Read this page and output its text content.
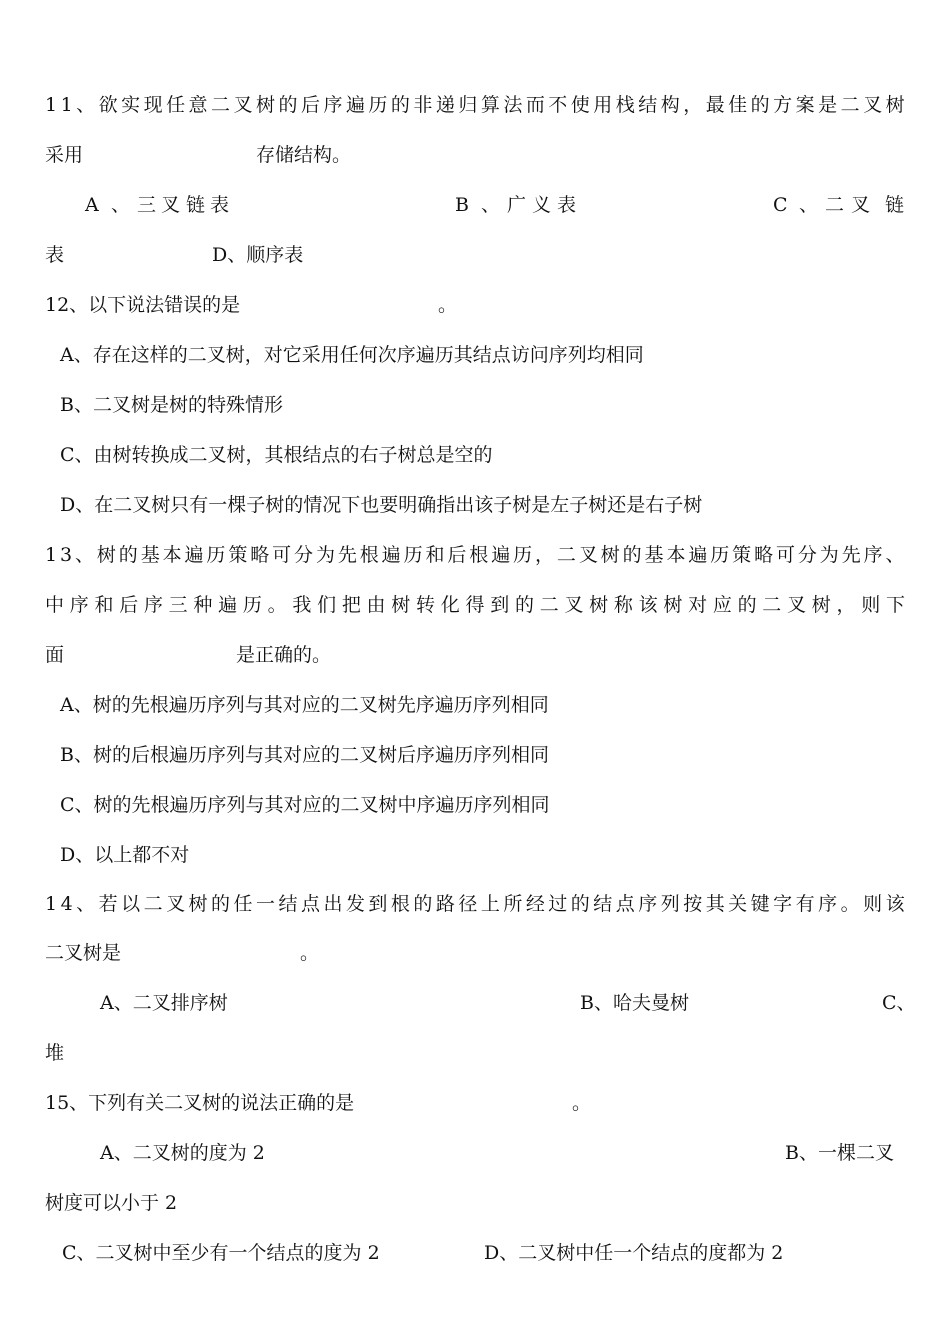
1 1 、 欲 实 现 任 意 二 叉 树 的 后 序 遍 历 的 非 递 归 算 法 而 不 使 用 栈 结 构 ， 最 佳 的 方 案 是 二 叉 树
采用	存储结构。
A 、 三 叉 链 表	B 、 广 义 表	C 、 二 叉 链
表	D、顺序表
12、以下说法错误的是	。
A、存在这样的二叉树，对它采用任何次序遍历其结点访问序列均相同
B、二叉树是树的特殊情形
C、由树转换成二叉树，其根结点的右子树总是空的
D、在二叉树只有一棵子树的情况下也要明确指出该子树是左子树还是右子树
1 3 、 树 的 基 本 遍 历 策 略 可 分 为 先 根 遍 历 和 后 根 遍 历 ， 二 叉 树 的 基 本 遍 历 策 略 可 分 为 先 序 、
中 序 和 后 序 三 种 遍 历 。 我 们 把 由 树 转 化 得 到 的 二 叉 树 称 该 树 对 应 的 二 叉 树 ， 则 下
面	是正确的。
A、树的先根遍历序列与其对应的二叉树先序遍历序列相同
B、树的后根遍历序列与其对应的二叉树后序遍历序列相同
C、树的先根遍历序列与其对应的二叉树中序遍历序列相同
D、以上都不对
1 4 、 若 以 二 叉 树 的 任 一 结 点 出 发 到 根 的 路 径 上 所 经 过 的 结 点 序 列 按 其 关 键 字 有 序 。 则 该
二叉树是	。
A、二叉排序树	B、哈夫曼树	C、
堆
15、下列有关二叉树的说法正确的是	。
A、二叉树的度为 2	B、一棵二叉
树度可以小于 2
C、二叉树中至少有一个结点的度为 2	D、二叉树中任一个结点的度都为 2
